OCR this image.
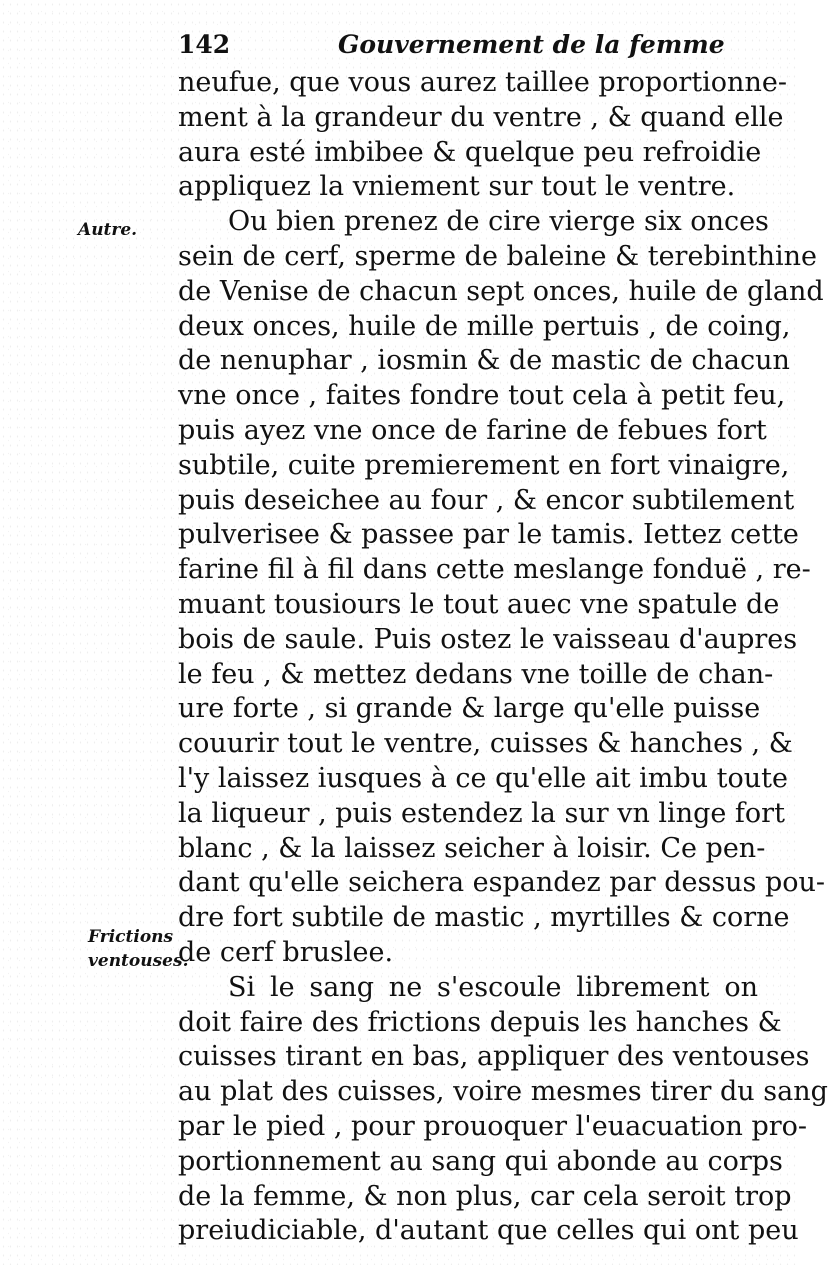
142	Gouvernement de la femme
Autre.
Frictions
ventouses.
neufue, que vous aurez taillee proportionne-
ment à la grandeur du ventre , & quand elle
aura esté imbibee & quelque peu refroidie
appliquez la vniement sur tout le ventre.
Ou bien prenez de cire vierge six onces
sein de cerf, sperme de baleine & terebinthine
de Venise de chacun sept onces, huile de gland
deux onces, huile de mille pertuis , de coing,
de nenuphar , iosmin & de mastic de chacun
vne once , faites fondre tout cela à petit feu,
puis ayez vne once de farine de febues fort
subtile, cuite premierement en fort vinaigre,
puis deseichee au four , & encor subtilement
pulverisee & passee par le tamis. Iettez cette
farine fil à fil dans cette meslange fonduë , re-
muant tousiours le tout auec vne spatule de
bois de saule. Puis ostez le vaisseau d'aupres
le feu , & mettez dedans vne toille de chan-
ure forte , si grande & large qu'elle puisse
couurir tout le ventre, cuisses & hanches , &
l'y laissez iusques à ce qu'elle ait imbu toute
la liqueur , puis estendez la sur vn linge fort
blanc , & la laissez seicher à loisir. Ce pen-
dant qu'elle seichera espandez par dessus pou-
dre fort subtile de mastic , myrtilles & corne
de cerf bruslee.
Si le sang ne s'escoule librement on
doit faire des frictions depuis les hanches &
cuisses tirant en bas, appliquer des ventouses
au plat des cuisses, voire mesmes tirer du sang
par le pied , pour prouoquer l'euacuation pro-
portionnement au sang qui abonde au corps
de la femme, & non plus, car cela seroit trop
preiudiciable, d'autant que celles qui ont peu
